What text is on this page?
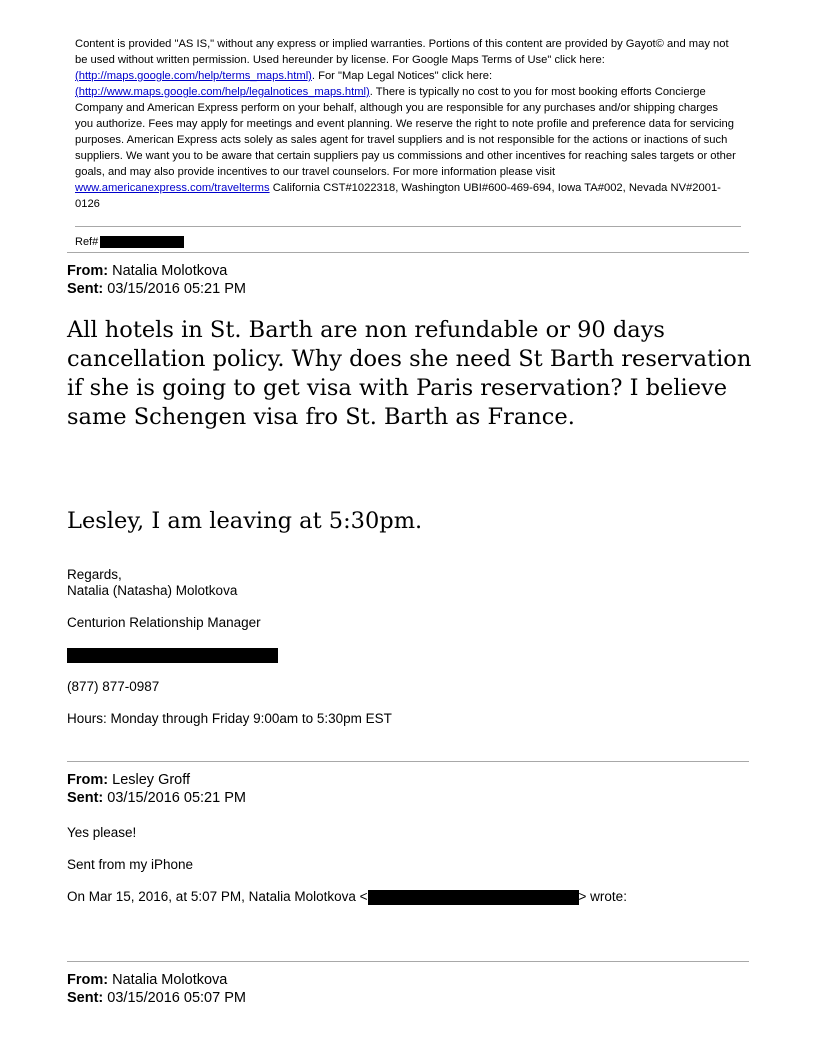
Content is provided "AS IS," without any express or implied warranties. Portions of this content are provided by Gayot© and may not be used without written permission. Used hereunder by license. For Google Maps Terms of Use" click here: (http://maps.google.com/help/terms_maps.html). For "Map Legal Notices" click here: (http://www.maps.google.com/help/legalnotices_maps.html). There is typically no cost to you for most booking efforts Concierge Company and American Express perform on your behalf, although you are responsible for any purchases and/or shipping charges you authorize. Fees may apply for meetings and event planning. We reserve the right to note profile and preference data for servicing purposes. American Express acts solely as sales agent for travel suppliers and is not responsible for the actions or inactions of such suppliers. We want you to be aware that certain suppliers pay us commissions and other incentives for reaching sales targets or other goals, and may also provide incentives to our travel counselors. For more information please visit www.americanexpress.com/travelterms California CST#1022318, Washington UBI#600-469-694, Iowa TA#002, Nevada NV#2001-0126
Ref#
From: Natalia Molotkova
Sent: 03/15/2016 05:21 PM
All hotels in St. Barth are non refundable or 90 days cancellation policy. Why does she need St Barth reservation if she is going to get visa with Paris reservation? I believe same Schengen visa fro St. Barth as France.
Lesley, I am leaving at 5:30pm.
Regards,
Natalia (Natasha) Molotkova
Centurion Relationship Manager
(877) 877-0987
Hours: Monday through Friday 9:00am to 5:30pm EST
From: Lesley Groff
Sent: 03/15/2016 05:21 PM
Yes please!
Sent from my iPhone
On Mar 15, 2016, at 5:07 PM, Natalia Molotkova <	> wrote:
From: Natalia Molotkova
Sent: 03/15/2016 05:07 PM
